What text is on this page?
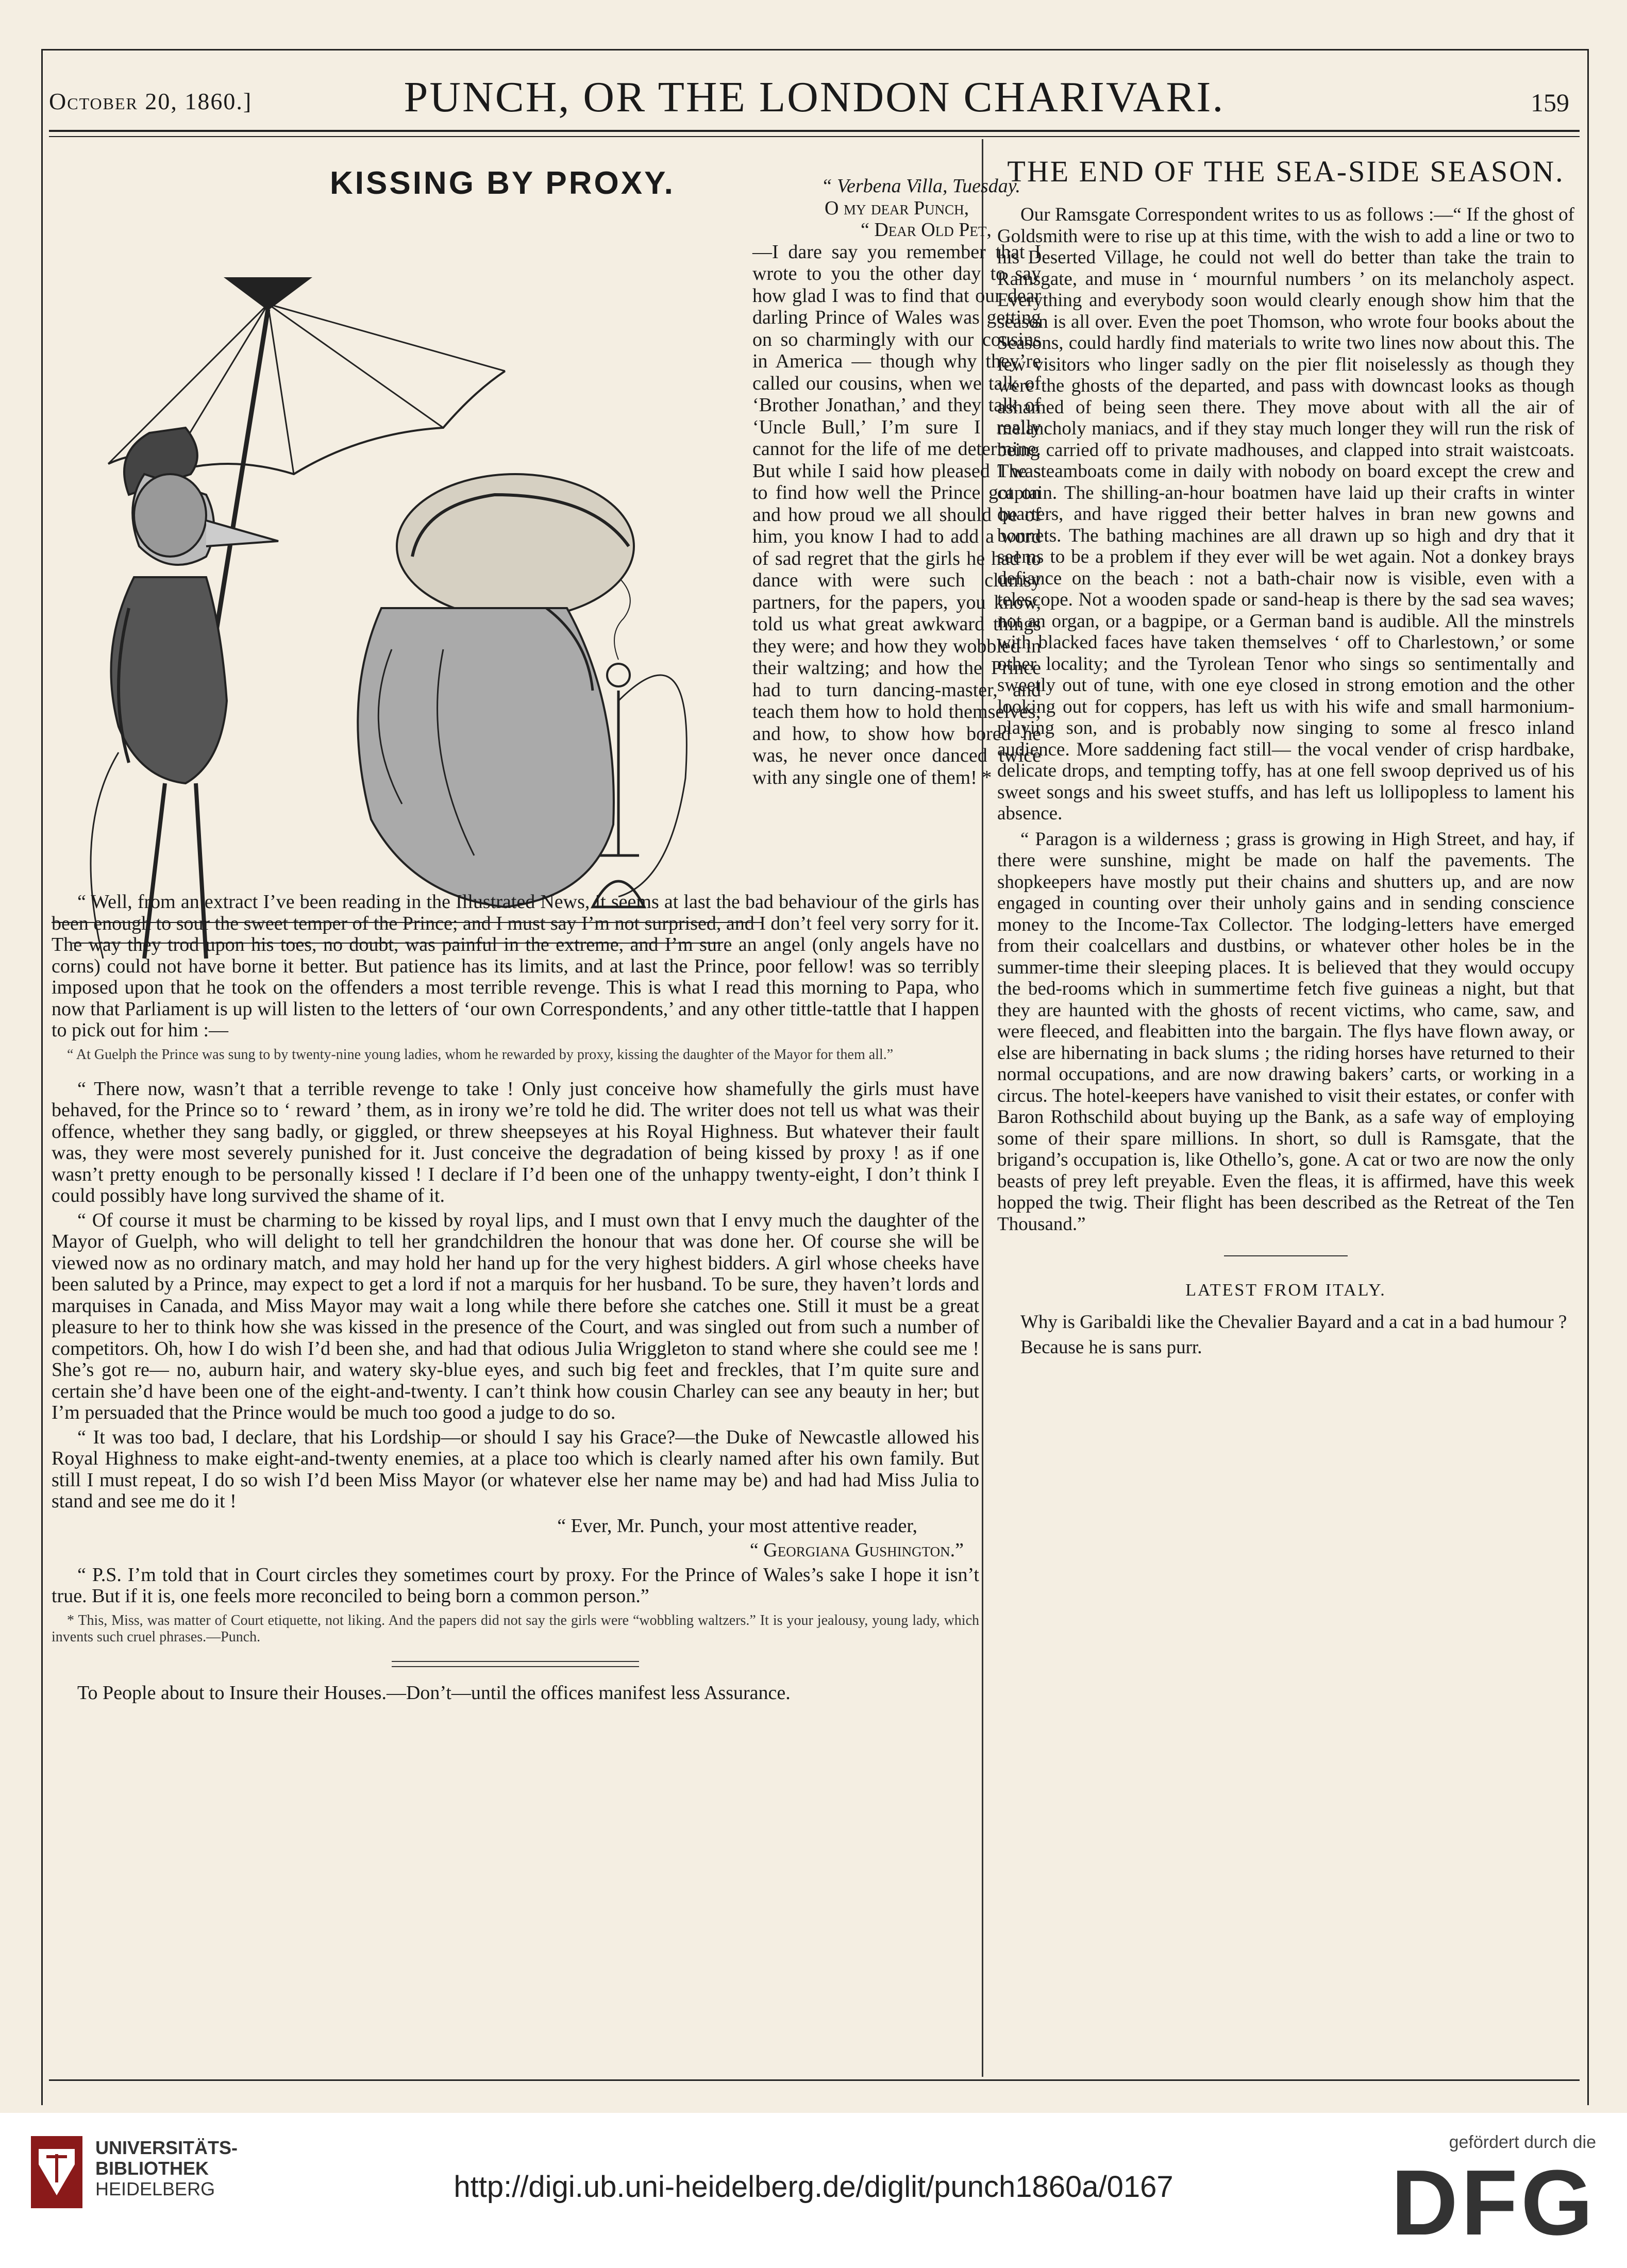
October 20, 1860.]	PUNCH, OR THE LONDON CHARIVARI.	159
KISSING BY PROXY.	“ Verbena Villa, Tuesday.

O my dear Punch,

“ Dear Old Pet,

—I dare say you remember that I wrote to you the other day to say how glad I was to find that our dear darling Prince of Wales was getting on so charmingly with our cousins in America — though why they’re called our cousins, when we talk of ‘Brother Jonathan,’ and they talk of ‘Uncle Bull,’ I’m sure I really cannot for the life of me determine. But while I said how pleased I was to find how well the Prince got on and how proud we all should be of him, you know I had to add a word of sad regret that the girls he had to dance with were such clumsy partners, for the papers, you know, told us what great awkward things they were; and how they wobbled in their waltzing; and how the Prince had to turn dancing-master, and teach them how to hold themselves; and how, to show how bored he was, he never once danced twice with any single one of them! *

“ Well, from an extract I’ve been reading in the Illustrated News, it seems at last the bad behaviour of the girls has been enough to sour the sweet temper of the Prince; and I must say I’m not surprised, and I don’t feel very sorry for it. The way they trod upon his toes, no doubt, was painful in the extreme, and I’m sure an angel (only angels have no corns) could not have borne it better. But patience has its limits, and at last the Prince, poor fellow! was so terribly imposed upon that he took on the offenders a most terrible revenge. This is what I read this morning to Papa, who now that Parliament is up will listen to the letters of ‘our own Correspondents,’ and any other tittle-tattle that I happen to pick out for him :—

“ At Guelph the Prince was sung to by twenty-nine young ladies, whom he rewarded by proxy, kissing the daughter of the Mayor for them all.”

“ There now, wasn’t that a terrible revenge to take ! Only just conceive how shamefully the girls must have behaved, for the Prince so to ‘ reward ’ them, as in irony we’re told he did. The writer does not tell us what was their offence, whether they sang badly, or giggled, or threw sheepseyes at his Royal Highness. But whatever their fault was, they were most severely punished for it. Just conceive the degradation of being kissed by proxy ! as if one wasn’t pretty enough to be personally kissed ! I declare if I’d been one of the unhappy twenty-eight, I don’t think I could possibly have long survived the shame of it.

“ Of course it must be charming to be kissed by royal lips, and I must own that I envy much the daughter of the Mayor of Guelph, who will delight to tell her grandchildren the honour that was done her. Of course she will be viewed now as no ordinary match, and may hold her hand up for the very highest bidders. A girl whose cheeks have been saluted by a Prince, may expect to get a lord if not a marquis for her husband. To be sure, they haven’t lords and marquises in Canada, and Miss Mayor may wait a long while there before she catches one. Still it must be a great pleasure to her to think how she was kissed in the presence of the Court, and was singled out from such a number of competitors. Oh, how I do wish I’d been she, and had that odious Julia Wriggleton to stand where she could see me ! She’s got re— no, auburn hair, and watery sky-blue eyes, and such big feet and freckles, that I’m quite sure and certain she’d have been one of the eight-and-twenty. I can’t think how cousin Charley can see any beauty in her; but I’m persuaded that the Prince would be much too good a judge to do so.

“ It was too bad, I declare, that his Lordship—or should I say his Grace?—the Duke of Newcastle allowed his Royal Highness to make eight-and-twenty enemies, at a place too which is clearly named after his own family. But still I must repeat, I do so wish I’d been Miss Mayor (or whatever else her name may be) and had had Miss Julia to stand and see me do it !

“ Ever, Mr. Punch, your most attentive reader,

“ Georgiana Gushington.”

“ P.S. I’m told that in Court circles they sometimes court by proxy. For the Prince of Wales’s sake I hope it isn’t true. But if it is, one feels more reconciled to being born a common person.”

* This, Miss, was matter of Court etiquette, not liking. And the papers did not say the girls were “wobbling waltzers.” It is your jealousy, young lady, which invents such cruel phrases.—Punch.

To People about to Insure their Houses.—Don’t—until the offices manifest less Assurance.

THE END OF THE SEA-SIDE SEASON.

Our Ramsgate Correspondent writes to us as follows :—“ If the ghost of Goldsmith were to rise up at this time, with the wish to add a line or two to his Deserted Village, he could not well do better than take the train to Ramsgate, and muse in ‘ mournful numbers ’ on its melancholy aspect. Everything and everybody soon would clearly enough show him that the season is all over. Even the poet Thomson, who wrote four books about the Seasons, could hardly find materials to write two lines now about this. The few visitors who linger sadly on the pier flit noiselessly as though they were the ghosts of the departed, and pass with downcast looks as though ashamed of being seen there. They move about with all the air of melancholy maniacs, and if they stay much longer they will run the risk of being carried off to private madhouses, and clapped into strait waistcoats. The steamboats come in daily with nobody on board except the crew and captain. The shilling-an-hour boatmen have laid up their crafts in winter quarters, and have rigged their better halves in bran new gowns and bonnets. The bathing machines are all drawn up so high and dry that it seems to be a problem if they ever will be wet again. Not a donkey brays defiance on the beach : not a bath-chair now is visible, even with a telescope. Not a wooden spade or sand-heap is there by the sad sea waves; not an organ, or a bagpipe, or a German band is audible. All the minstrels with blacked faces have taken themselves ‘ off to Charlestown,’ or some other locality; and the Tyrolean Tenor who sings so sentimentally and sweetly out of tune, with one eye closed in strong emotion and the other looking out for coppers, has left us with his wife and small harmonium-playing son, and is probably now singing to some al fresco inland audience. More saddening fact still— the vocal vender of crisp hardbake, delicate drops, and tempting toffy, has at one fell swoop deprived us of his sweet songs and his sweet stuffs, and has left us lollipopless to lament his absence.

“ Paragon is a wilderness ; grass is growing in High Street, and hay, if there were sunshine, might be made on half the pavements. The shopkeepers have mostly put their chains and shutters up, and are now engaged in counting over their unholy gains and in sending conscience money to the Income-Tax Collector. The lodging-letters have emerged from their coalcellars and dustbins, or whatever other holes be in the summer-time their sleeping places. It is believed that they would occupy the bed-rooms which in summertime fetch five guineas a night, but that they are haunted with the ghosts of recent victims, who came, saw, and were fleeced, and fleabitten into the bargain. The flys have flown away, or else are hibernating in back slums ; the riding horses have returned to their normal occupations, and are now drawing bakers’ carts, or working in a circus. The hotel-keepers have vanished to visit their estates, or confer with Baron Rothschild about buying up the Bank, as a safe way of employing some of their spare millions. In short, so dull is Ramsgate, that the brigand’s occupation is, like Othello’s, gone. A cat or two are now the only beasts of prey left preyable. Even the fleas, it is affirmed, have this week hopped the twig. Their flight has been described as the Retreat of the Ten Thousand.”

LATEST FROM ITALY.

Why is Garibaldi like the Chevalier Bayard and a cat in a bad humour ?

Because he is sans purr.

UNIVERSITÄTS-
BIBLIOTHEK
HEIDELBERG	http://digi.ub.uni-heidelberg.de/diglit/punch1860a/0167
gefördert durch die
DFG
